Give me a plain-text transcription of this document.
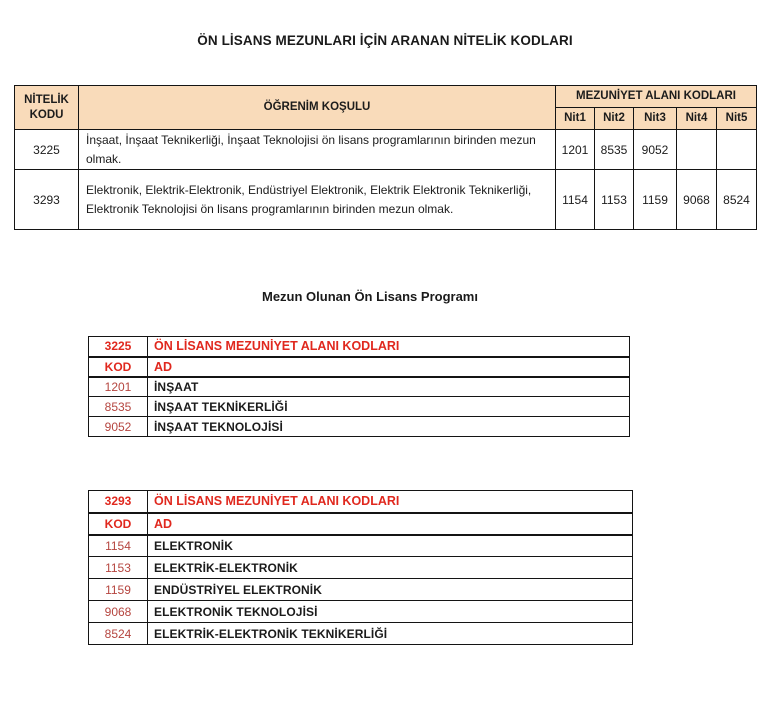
ÖN LİSANS MEZUNLARI İÇİN ARANAN NİTELİK KODLARI
NİTELİK KODU	ÖĞRENİM KOŞULU	MEZUNİYET ALANI KODLARI				
		Nit1	Nit2	Nit3	Nit4	Nit5
3225	İnşaat, İnşaat Teknikerliği, İnşaat Teknolojisi ön lisans programlarının birinden mezun olmak.	1201	8535	9052		
3293	Elektronik, Elektrik-Elektronik, Endüstriyel Elektronik, Elektrik Elektronik Teknikerliği, Elektronik Teknolojisi ön lisans programlarının birinden mezun olmak.	1154	1153	1159	9068	8524
Mezun Olunan Ön Lisans Programı
3225	ÖN LİSANS MEZUNİYET ALANI KODLARI
KOD	AD
1201	İNŞAAT
8535	İNŞAAT TEKNİKERLİĞİ
9052	İNŞAAT TEKNOLOJİSİ
3293	ÖN LİSANS MEZUNİYET ALANI KODLARI
KOD	AD
1154	ELEKTRONİK
1153	ELEKTRİK-ELEKTRONİK
1159	ENDÜSTRİYEL ELEKTRONİK
9068	ELEKTRONİK TEKNOLOJİSİ
8524	ELEKTRİK-ELEKTRONİK TEKNİKERLİĞİ
